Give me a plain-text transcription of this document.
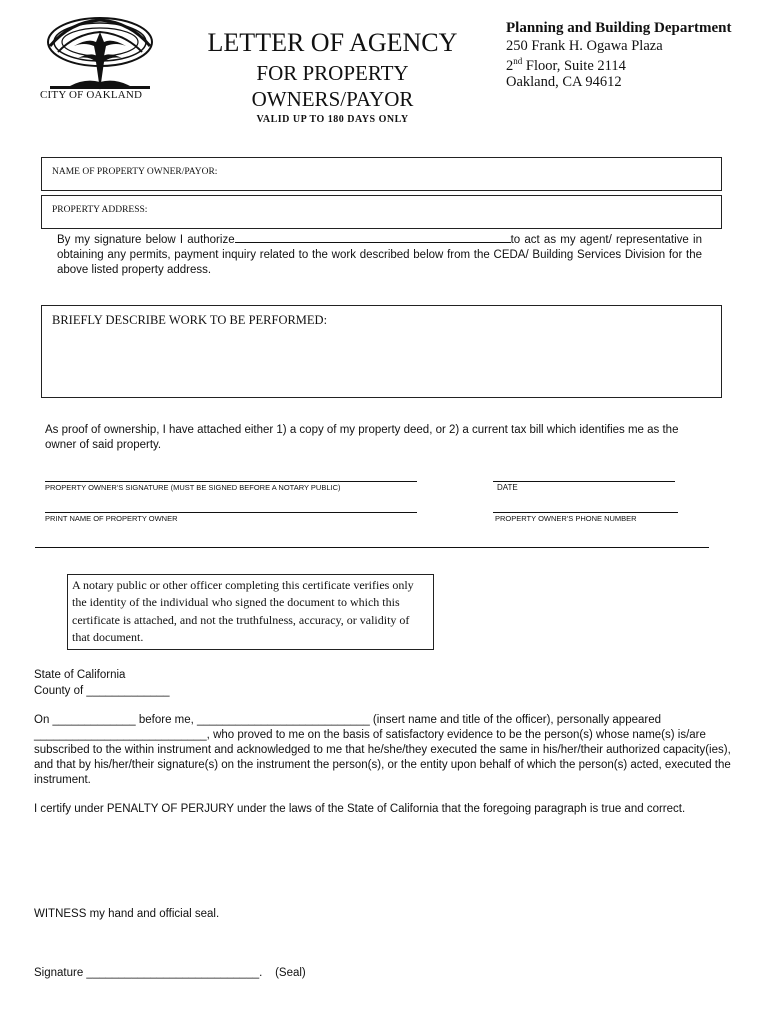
CITY OF OAKLAND
LETTER OF AGENCY
FOR PROPERTY
OWNERS/PAYOR
VALID UP TO 180 DAYS ONLY
Planning and Building Department
250 Frank H. Ogawa Plaza
2nd Floor, Suite 2114
Oakland, CA 94612
NAME OF PROPERTY OWNER/PAYOR:
PROPERTY ADDRESS:
By my signature below I authorize	to act as my agent/ representative in obtaining any permits, payment inquiry related to the work described below from the CEDA/ Building Services Division for the above listed property address.
BRIEFLY DESCRIBE WORK TO BE PERFORMED:
As proof of ownership, I have attached either 1) a copy of my property deed, or 2) a current tax bill which identifies me as the owner of said property.
PROPERTY OWNER'S SIGNATURE (MUST BE SIGNED BEFORE A NOTARY PUBLIC)	DATE
PRINT NAME OF PROPERTY OWNER	PROPERTY OWNER'S PHONE NUMBER
A notary public or other officer completing this certificate verifies only the identity of the individual who signed the document to which this certificate is attached, and not the truthfulness, accuracy, or validity of that document.
State of California
County of _____________
On _____________ before me, ___________________________ (insert name and title of the officer), personally appeared ___________________________, who proved to me on the basis of satisfactory evidence to be the person(s) whose name(s) is/are subscribed to the within instrument and acknowledged to me that he/she/they executed the same in his/her/their authorized capacity(ies), and that by his/her/their signature(s) on the instrument the person(s), or the entity upon behalf of which the person(s) acted, executed the instrument.
I certify under PENALTY OF PERJURY under the laws of the State of California that the foregoing paragraph is true and correct.
WITNESS my hand and official seal.
Signature ___________________________.    (Seal)
